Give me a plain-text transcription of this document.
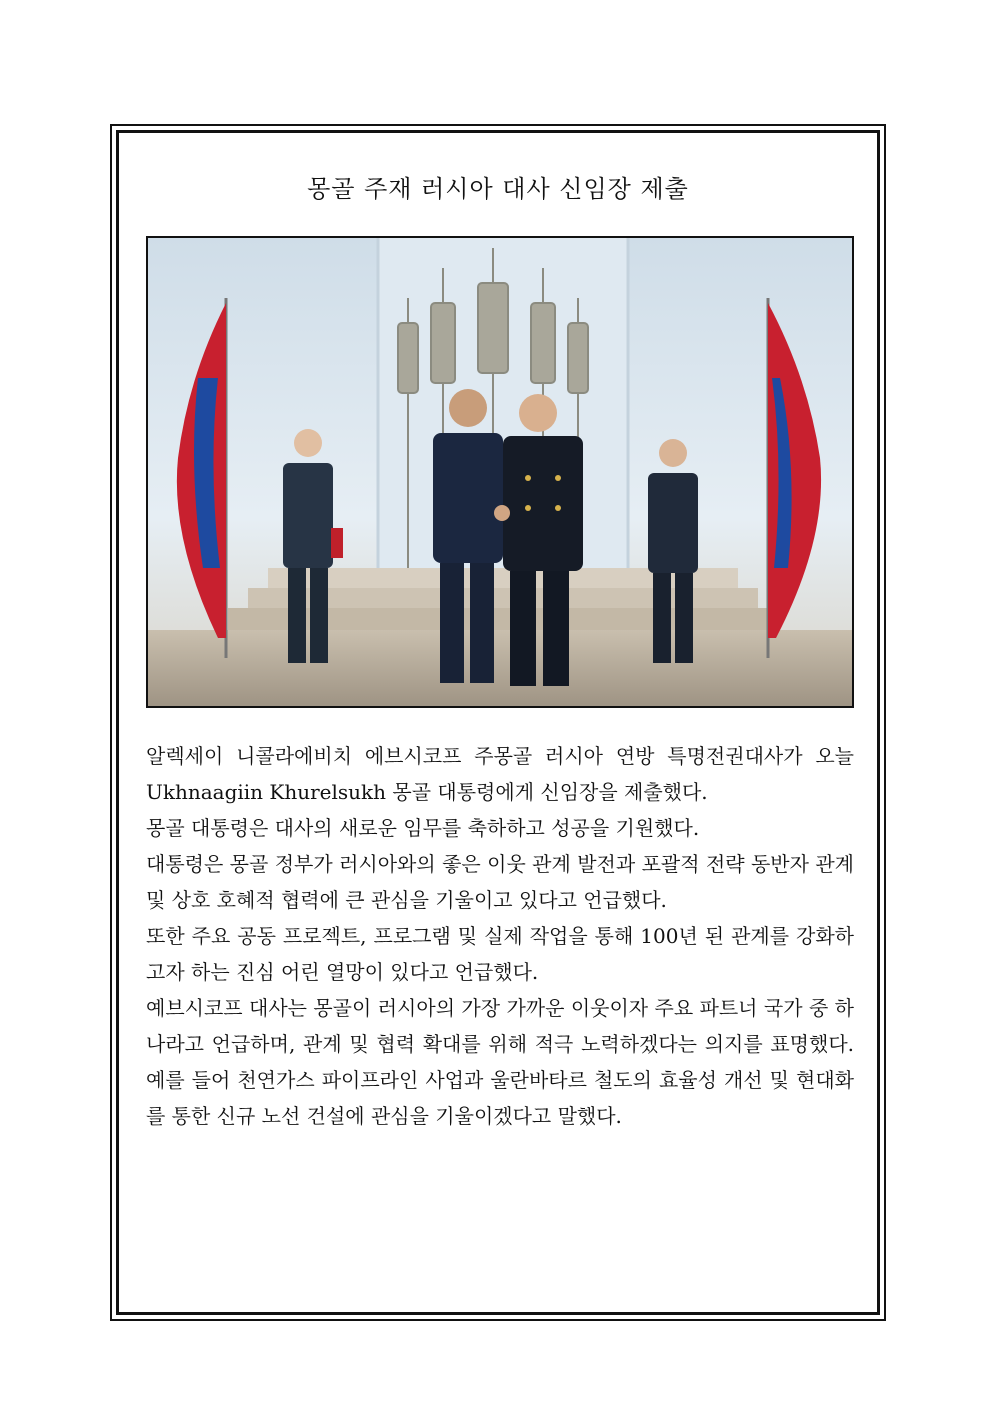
몽골 주재 러시아 대사 신임장 제출

알렉세이 니콜라에비치 에브시코프 주몽골 러시아 연방 특명전권대사가 오늘 Ukhnaagiin Khurelsukh 몽골 대통령에게 신임장을 제출했다.

몽골 대통령은 대사의 새로운 임무를 축하하고 성공을 기원했다.

대통령은 몽골 정부가 러시아와의 좋은 이웃 관계 발전과 포괄적 전략 동반자 관계 및 상호 호혜적 협력에 큰 관심을 기울이고 있다고 언급했다.

또한 주요 공동 프로젝트, 프로그램 및 실제 작업을 통해 100년 된 관계를 강화하고자 하는 진심 어린 열망이 있다고 언급했다.

예브시코프 대사는 몽골이 러시아의 가장 가까운 이웃이자 주요 파트너 국가 중 하나라고 언급하며, 관계 및 협력 확대를 위해 적극 노력하겠다는 의지를 표명했다. 예를 들어 천연가스 파이프라인 사업과 울란바타르 철도의 효율성 개선 및 현대화를 통한 신규 노선 건설에 관심을 기울이겠다고 말했다.
